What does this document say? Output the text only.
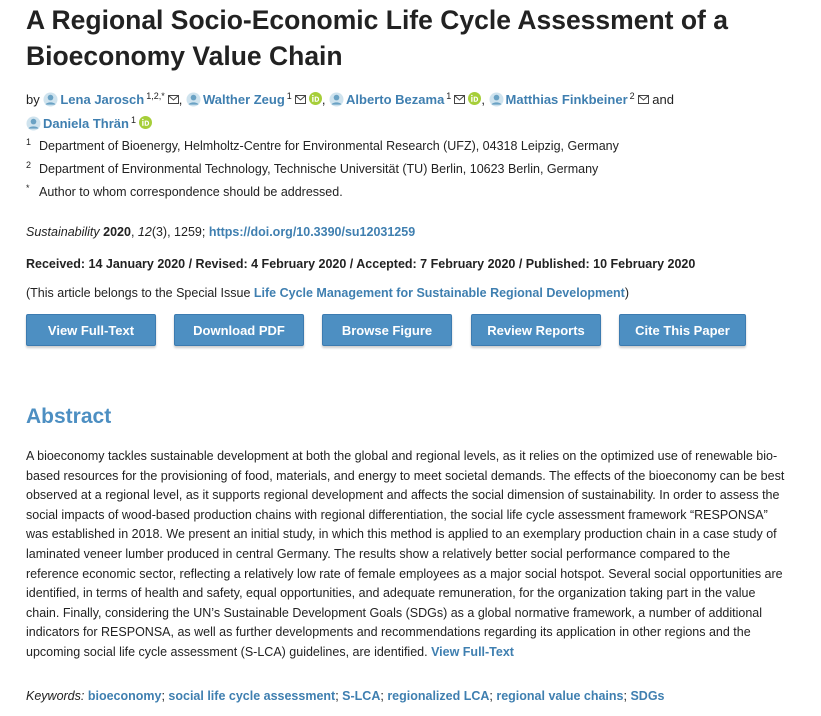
A Regional Socio-Economic Life Cycle Assessment of a Bioeconomy Value Chain
by Lena Jarosch $^{1,2,*}$ , Walther Zeug $^1$ , Alberto Bezama $^1$ , Matthias Finkbeiner $^2$ and
Daniela Thrän $^1$
1 Department of Bioenergy, Helmholtz-Centre for Environmental Research (UFZ), 04318 Leipzig, Germany
2 Department of Environmental Technology, Technische Universität (TU) Berlin, 10623 Berlin, Germany
* Author to whom correspondence should be addressed.
Sustainability 2020, 12(3), 1259; https://doi.org/10.3390/su12031259
Received: 14 January 2020 / Revised: 4 February 2020 / Accepted: 7 February 2020 / Published: 10 February 2020
(This article belongs to the Special Issue Life Cycle Management for Sustainable Regional Development)
View Full-Text	Download PDF	Browse Figure	Review Reports	Cite This Paper
Abstract

A bioeconomy tackles sustainable development at both the global and regional levels, as it relies on the optimized use of renewable bio-based resources for the provisioning of food, materials, and energy to meet societal demands. The effects of the bioeconomy can be best observed at a regional level, as it supports regional development and affects the social dimension of sustainability. In order to assess the social impacts of wood-based production chains with regional differentiation, the social life cycle assessment framework “RESPONSA” was established in 2018. We present an initial study, in which this method is applied to an exemplary production chain in a case study of laminated veneer lumber produced in central Germany. The results show a relatively better social performance compared to the reference economic sector, reflecting a relatively low rate of female employees as a major social hotspot. Several social opportunities are identified, in terms of health and safety, equal opportunities, and adequate remuneration, for the organization taking part in the value chain. Finally, considering the UN’s Sustainable Development Goals (SDGs) as a global normative framework, a number of additional indicators for RESPONSA, as well as further developments and recommendations regarding its application in other regions and the upcoming social life cycle assessment (S-LCA) guidelines, are identified. View Full-Text

Keywords: bioeconomy; social life cycle assessment; S-LCA; regionalized LCA; regional value chains; SDGs
